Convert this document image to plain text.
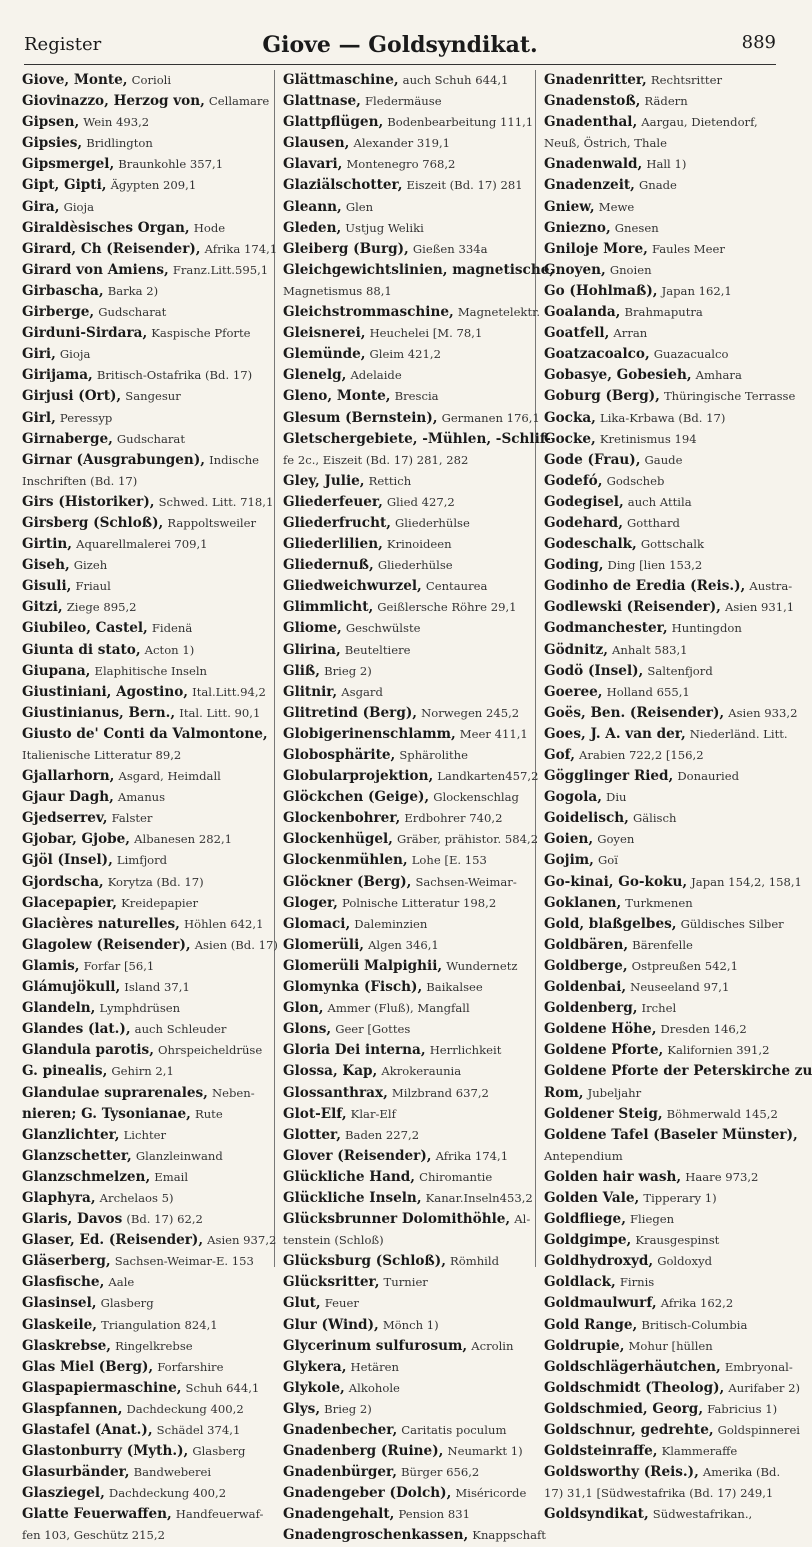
Register	Giove — Goldsyndikat.	889
Giove, Monte, Corioli
Giovinazzo, Herzog von, Cellamare
Gipsen, Wein 493,2
Gipsies, Bridlington
Gipsmergel, Braunkohle 357,1
Gipt, Gipti, Ägypten 209,1
Gira, Gioja
Giraldèsisches Organ, Hode
Girard, Ch (Reisender), Afrika 174,1
Girard von Amiens, Franz.Litt.595,1
Girbascha, Barka 2)
Girberge, Gudscharat
Girduni-Sirdara, Kaspische Pforte
Giri, Gioja
Girijama, Britisch-Ostafrika (Bd. 17)
Girjusi (Ort), Sangesur
Girl, Peressyp
Girnaberge, Gudscharat
Girnar (Ausgrabungen), Indische
Inschriften (Bd. 17)
Girs (Historiker), Schwed. Litt. 718,1
Girsberg (Schloß), Rappoltsweiler
Girtin, Aquarellmalerei 709,1
Giseh, Gizeh
Gisuli, Friaul
Gitzi, Ziege 895,2
Giubileo, Castel, Fidenä
Giunta di stato, Acton 1)
Giupana, Elaphitische Inseln
Giustiniani, Agostino, Ital.Litt.94,2
Giustinianus, Bern., Ital. Litt. 90,1
Giusto de' Conti da Valmontone,
Italienische Litteratur 89,2
Gjallarhorn, Asgard, Heimdall
Gjaur Dagh, Amanus
Gjedserrev, Falster
Gjobar, Gjobe, Albanesen 282,1
Gjöl (Insel), Limfjord
Gjordscha, Korytza (Bd. 17)
Glacepapier, Kreidepapier
Glacières naturelles, Höhlen 642,1
Glagolew (Reisender), Asien (Bd. 17)
Glamis, Forfar [56,1
Glámujökull, Island 37,1
Glandeln, Lymphdrüsen
Glandes (lat.), auch Schleuder
Glandula parotis, Ohrspeicheldrüse
G. pinealis, Gehirn 2,1
Glandulae suprarenales, Neben-
nieren; G. Tysonianae, Rute
Glanzlichter, Lichter
Glanzschetter, Glanzleinwand
Glanzschmelzen, Email
Glaphyra, Archelaos 5)
Glaris, Davos (Bd. 17) 62,2
Glaser, Ed. (Reisender), Asien 937,2
Gläserberg, Sachsen-Weimar-E. 153
Glasfische, Aale
Glasinsel, Glasberg
Glaskeile, Triangulation 824,1
Glaskrebse, Ringelkrebse
Glas Miel (Berg), Forfarshire
Glaspapiermaschine, Schuh 644,1
Glaspfannen, Dachdeckung 400,2
Glastafel (Anat.), Schädel 374,1
Glastonburry (Myth.), Glasberg
Glasurbänder, Bandweberei
Glasziegel, Dachdeckung 400,2
Glatte Feuerwaffen, Handfeuerwaf-
fen 103, Geschütz 215,2
Glättmaschine, auch Schuh 644,1
Glattnase, Fledermäuse
Glattpflügen, Bodenbearbeitung 111,1
Glausen, Alexander 319,1
Glavari, Montenegro 768,2
Glaziälschotter, Eiszeit (Bd. 17) 281
Gleann, Glen
Gleden, Ustjug Weliki
Gleiberg (Burg), Gießen 334a
Gleichgewichtslinien, magnetische,
Magnetismus 88,1
Gleichstrommaschine, Magnetelektr.
Gleisnerei, Heuchelei [M. 78,1
Glemünde, Gleim 421,2
Glenelg, Adelaide
Gleno, Monte, Brescia
Glesum (Bernstein), Germanen 176,1
Gletschergebiete, -Mühlen, -Schlif-
fe 2c., Eiszeit (Bd. 17) 281, 282
Gley, Julie, Rettich
Gliederfeuer, Glied 427,2
Gliederfrucht, Gliederhülse
Gliederlilien, Krinoideen
Gliedernuß, Gliederhülse
Gliedweichwurzel, Centaurea
Glimmlicht, Geißlersche Röhre 29,1
Gliome, Geschwülste
Glirina, Beuteltiere
Gliß, Brieg 2)
Glitnir, Asgard
Glitretind (Berg), Norwegen 245,2
Globigerinenschlamm, Meer 411,1
Globosphärite, Sphärolithe
Globularprojektion, Landkarten457,2
Glöckchen (Geige), Glockenschlag
Glockenbohrer, Erdbohrer 740,2
Glockenhügel, Gräber, prähistor. 584,2
Glockenmühlen, Lohe [E. 153
Glöckner (Berg), Sachsen-Weimar-
Gloger, Polnische Litteratur 198,2
Glomaci, Daleminzien
Glomerüli, Algen 346,1
Glomerüli Malpighii, Wundernetz
Glomynka (Fisch), Baikalsee
Glon, Ammer (Fluß), Mangfall
Glons, Geer [Gottes
Gloria Dei interna, Herrlichkeit
Glossa, Kap, Akrokeraunia
Glossanthrax, Milzbrand 637,2
Glot-Elf, Klar-Elf
Glotter, Baden 227,2
Glover (Reisender), Afrika 174,1
Glückliche Hand, Chiromantie
Glückliche Inseln, Kanar.Inseln453,2
Glücksbrunner Dolomithöhle, Al-
tenstein (Schloß)
Glücksburg (Schloß), Römhild
Glücksritter, Turnier
Glut, Feuer
Glur (Wind), Mönch 1)
Glycerinum sulfurosum, Acrolin
Glykera, Hetären
Glykole, Alkohole
Glys, Brieg 2)
Gnadenbecher, Caritatis poculum
Gnadenberg (Ruine), Neumarkt 1)
Gnadenbürger, Bürger 656,2
Gnadengeber (Dolch), Miséricorde
Gnadengehalt, Pension 831
Gnadengroschenkassen, Knappschaft
Gnadenritter, Rechtsritter
Gnadenstoß, Rädern
Gnadenthal, Aargau, Dietendorf,
Neuß, Östrich, Thale
Gnadenwald, Hall 1)
Gnadenzeit, Gnade
Gniew, Mewe
Gniezno, Gnesen
Gniloje More, Faules Meer
Gnoyen, Gnoien
Go (Hohlmaß), Japan 162,1
Goalanda, Brahmaputra
Goatfell, Arran
Goatzacoalco, Guazacualco
Gobasye, Gobesieh, Amhara
Goburg (Berg), Thüringische Terrasse
Gocka, Lika-Krbawa (Bd. 17)
Gocke, Kretinismus 194
Gode (Frau), Gaude
Godefó, Godscheb
Godegisel, auch Attila
Godehard, Gotthard
Godeschalk, Gottschalk
Goding, Ding [lien 153,2
Godinho de Eredia (Reis.), Austra-
Godlewski (Reisender), Asien 931,1
Godmanchester, Huntingdon
Gödnitz, Anhalt 583,1
Godö (Insel), Saltenfjord
Goeree, Holland 655,1
Goës, Ben. (Reisender), Asien 933,2
Goes, J. A. van der, Niederländ. Litt.
Gof, Arabien 722,2 [156,2
Gögglinger Ried, Donauried
Gogola, Diu
Goidelisch, Gälisch
Goien, Goyen
Gojim, Goï
Go-kinai, Go-koku, Japan 154,2, 158,1
Goklanen, Turkmenen
Gold, blaßgelbes, Güldisches Silber
Goldbären, Bärenfelle
Goldberge, Ostpreußen 542,1
Goldenbai, Neuseeland 97,1
Goldenberg, Irchel
Goldene Höhe, Dresden 146,2
Goldene Pforte, Kalifornien 391,2
Goldene Pforte der Peterskirche zu
Rom, Jubeljahr
Goldener Steig, Böhmerwald 145,2
Goldene Tafel (Baseler Münster),
Antependium
Golden hair wash, Haare 973,2
Golden Vale, Tipperary 1)
Goldfliege, Fliegen
Goldgimpe, Krausgespinst
Goldhydroxyd, Goldoxyd
Goldlack, Firnis
Goldmaulwurf, Afrika 162,2
Gold Range, Britisch-Columbia
Goldrupie, Mohur [hüllen
Goldschlägerhäutchen, Embryonal-
Goldschmidt (Theolog), Aurifaber 2)
Goldschmied, Georg, Fabricius 1)
Goldschnur, gedrehte, Goldspinnerei
Goldsteinraffe, Klammeraffe
Goldsworthy (Reis.), Amerika (Bd.
17) 31,1 [Südwestafrika (Bd. 17) 249,1
Goldsyndikat, Südwestafrikan.,
